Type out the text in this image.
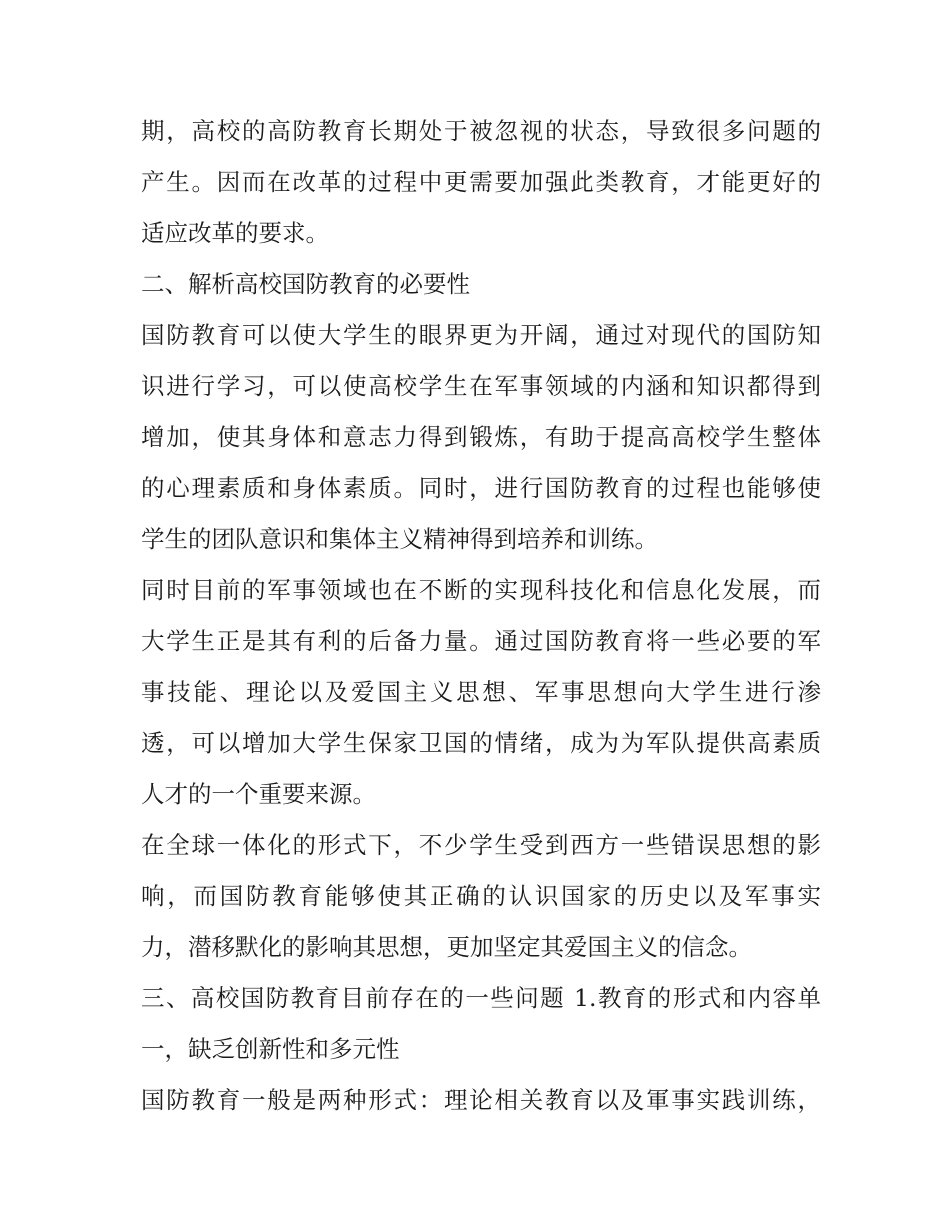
期，高校的高防教育长期处于被忽视的状态，导致很多问题的
产生。因而在改革的过程中更需要加强此类教育，才能更好的
适应改革的要求。
二、解析高校国防教育的必要性
国防教育可以使大学生的眼界更为开阔，通过对现代的国防知
识进行学习，可以使高校学生在军事领域的内涵和知识都得到
增加，使其身体和意志力得到锻炼，有助于提高高校学生整体
的心理素质和身体素质。同时，进行国防教育的过程也能够使
学生的团队意识和集体主义精神得到培养和训练。
同时目前的军事领域也在不断的实现科技化和信息化发展，而
大学生正是其有利的后备力量。通过国防教育将一些必要的军
事技能、理论以及爱国主义思想、军事思想向大学生进行渗
透，可以增加大学生保家卫国的情绪，成为为军队提供高素质
人才的一个重要来源。
在全球一体化的形式下，不少学生受到西方一些错误思想的影
响，而国防教育能够使其正确的认识国家的历史以及军事实
力，潜移默化的影响其思想，更加坚定其爱国主义的信念。
三、高校国防教育目前存在的一些问题 1.教育的形式和内容单
一，缺乏创新性和多元性
国防教育一般是两种形式：理论相关教育以及軍事实践训练，
